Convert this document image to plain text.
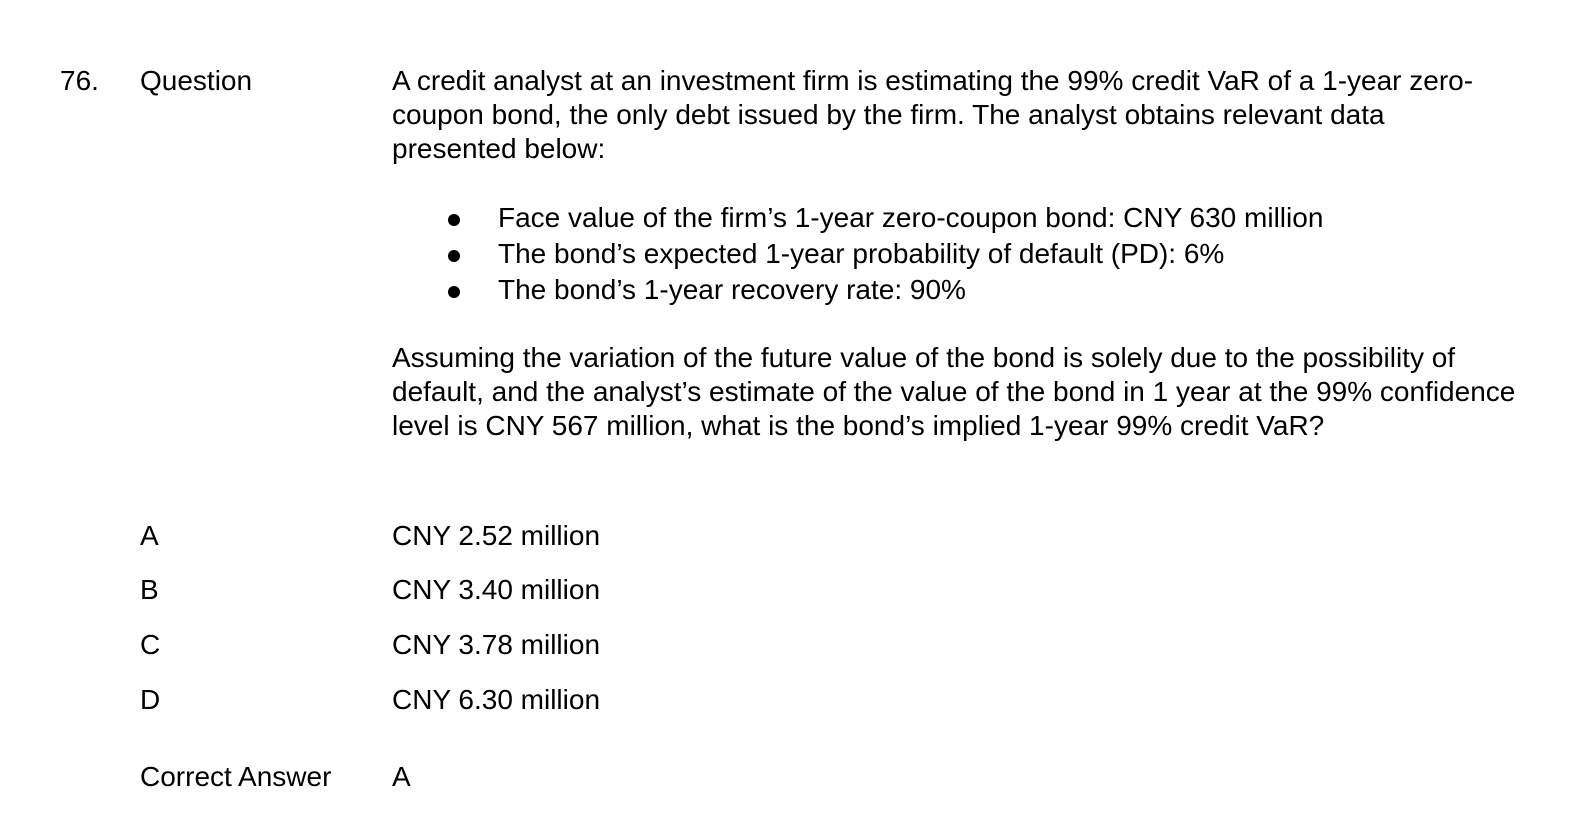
76. Question	A credit analyst at an investment firm is estimating the 99% credit VaR of a 1-year zero-coupon bond, the only debt issued by the firm. The analyst obtains relevant data presented below:

Face value of the firm’s 1-year zero-coupon bond: CNY 630 million
The bond’s expected 1-year probability of default (PD): 6%
The bond’s 1-year recovery rate: 90%

Assuming the variation of the future value of the bond is solely due to the possibility of default, and the analyst’s estimate of the value of the bond in 1 year at the 99% confidence level is CNY 567 million, what is the bond’s implied 1-year 99% credit VaR?

A	CNY 2.52 million
B	CNY 3.40 million
C	CNY 3.78 million
D	CNY 6.30 million
Correct Answer A
